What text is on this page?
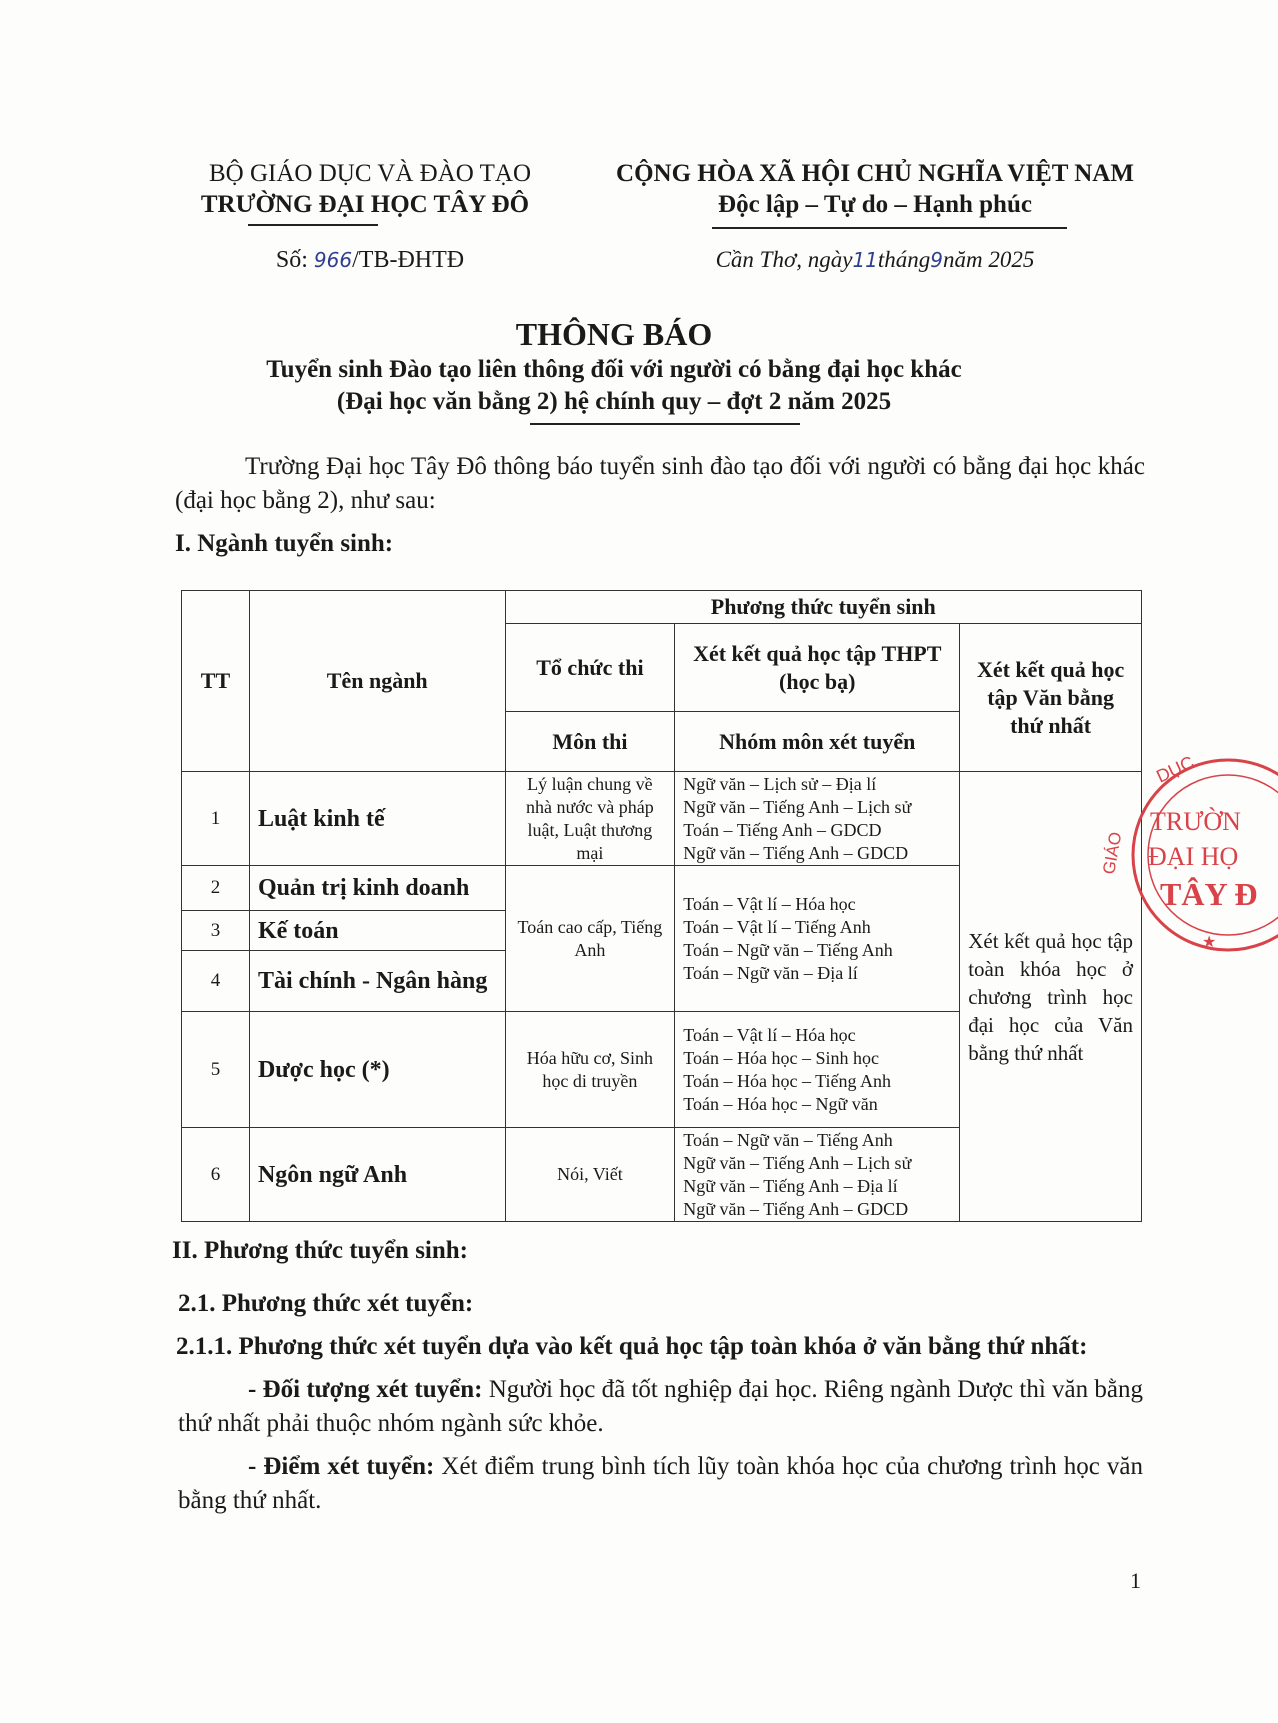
BỘ GIÁO DỤC VÀ ĐÀO TẠO
TRƯỜNG ĐẠI HỌC TÂY ĐÔ
CỘNG HÒA XÃ HỘI CHỦ NGHĨA VIỆT NAM
Độc lập – Tự do – Hạnh phúc
Số: 966/TB-ĐHTĐ	Cần Thơ, ngày11tháng9năm 2025
THÔNG BÁO
Tuyển sinh Đào tạo liên thông đối với người có bằng đại học khác
(Đại học văn bằng 2) hệ chính quy – đợt 2 năm 2025
Trường Đại học Tây Đô thông báo tuyển sinh đào tạo đối với người có bằng đại học khác (đại học bằng 2), như sau:
I. Ngành tuyển sinh:
TT	Tên ngành	Phương thức tuyển sinh		
		Tổ chức thi	Xét kết quả học tập THPT (học bạ)	Xét kết quả học tập Văn bằng thứ nhất
		Môn thi	Nhóm môn xét tuyển	
1	Luật kinh tế	Lý luận chung về nhà nước và pháp luật, Luật thương mại	Ngữ văn – Lịch sử – Địa lí
Ngữ văn – Tiếng Anh – Lịch sử
Toán – Tiếng Anh – GDCD
Ngữ văn – Tiếng Anh – GDCD	Xét kết quả học tập toàn khóa học ở chương trình học đại học của Văn bằng thứ nhất
2	Quản trị kinh doanh	Toán cao cấp, Tiếng Anh	Toán – Vật lí – Hóa học
Toán – Vật lí – Tiếng Anh
Toán – Ngữ văn – Tiếng Anh
Toán – Ngữ văn – Địa lí	

3	Kế toán			
4	Tài chính - Ngân hàng			
5	Dược học (*)	Hóa hữu cơ, Sinh học di truyền	Toán – Vật lí – Hóa học
Toán – Hóa học – Sinh học
Toán – Hóa học – Tiếng Anh
Toán – Hóa học – Ngữ văn	

6	Ngôn ngữ Anh	Nói, Viết	Toán – Ngữ văn – Tiếng Anh
Ngữ văn – Tiếng Anh – Lịch sử
Ngữ văn – Tiếng Anh – Địa lí
Ngữ văn – Tiếng Anh – GDCD	
II. Phương thức tuyển sinh:
2.1. Phương thức xét tuyển:
2.1.1. Phương thức xét tuyển dựa vào kết quả học tập toàn khóa ở văn bằng thứ nhất:
- Đối tượng xét tuyển: Người học đã tốt nghiệp đại học. Riêng ngành Dược thì văn bằng thứ nhất phải thuộc nhóm ngành sức khỏe.
- Điểm xét tuyển: Xét điểm trung bình tích lũy toàn khóa học của chương trình học văn bằng thứ nhất.
1
DỤC
GIÁO
TRƯỜN
ĐẠI HỌ
TÂY Đ
★
